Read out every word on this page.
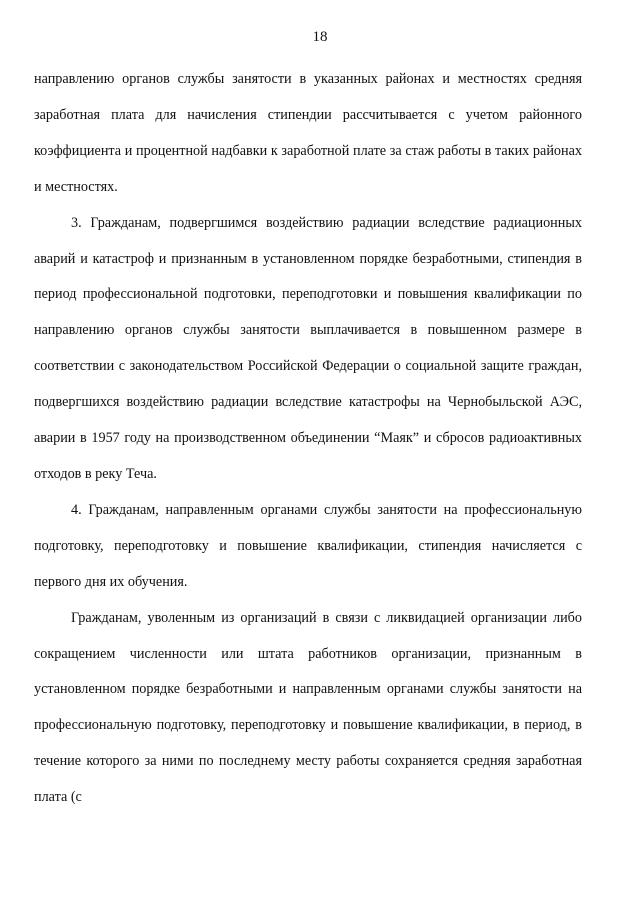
18

направлению органов службы занятости в указанных районах и местностях средняя заработная плата для начисления стипендии рассчитывается с учетом районного коэффициента и процентной надбавки к заработной плате за стаж работы в таких районах и местностях.

3. Гражданам, подвергшимся воздействию радиации вследствие радиационных аварий и катастроф и признанным в установленном порядке безработными, стипендия в период профессиональной подготовки, переподготовки и повышения квалификации по направлению органов службы занятости выплачивается в повышенном размере в соответствии с законодательством Российской Федерации о социальной защите граждан, подвергшихся воздействию радиации вследствие катастрофы на Чернобыльской АЭС, аварии в 1957 году на производственном объединении “Маяк” и сбросов радиоактивных отходов в реку Теча.

4. Гражданам, направленным органами службы занятости на профессиональную подготовку, переподготовку и повышение квалификации, стипендия начисляется с первого дня их обучения.

Гражданам, уволенным из организаций в связи с ликвидацией организации либо сокращением численности или штата работников организации, признанным в установленном порядке безработными и направленным органами службы занятости на профессиональную подготовку, переподготовку и повышение квалификации, в период, в течение которого за ними по последнему месту работы сохраняется средняя заработная плата (с
